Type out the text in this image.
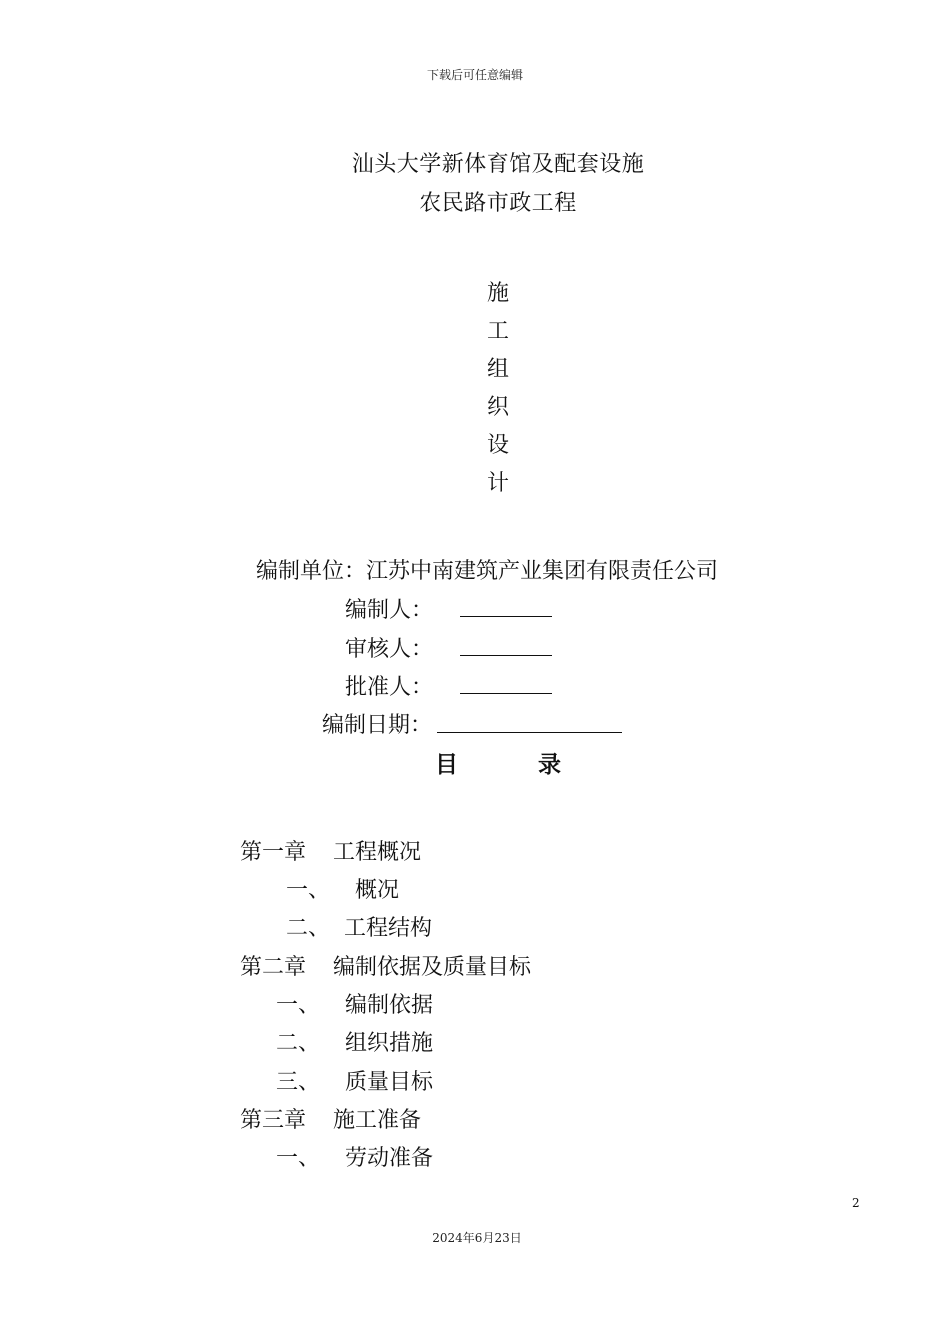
下载后可任意编辑
汕头大学新体育馆及配套设施
农民路市政工程
施
工
组
织
设
计
编制单位：江苏中南建筑产业集团有限责任公司
编制人：
审核人：
批准人：
编制日期：
目	录
第一章 工程概况
一、 概况
二、 工程结构
第二章 编制依据及质量目标
一、 编制依据
二、 组织措施
三、 质量目标
第三章 施工准备
一、 劳动准备
2
2024年6月23日
